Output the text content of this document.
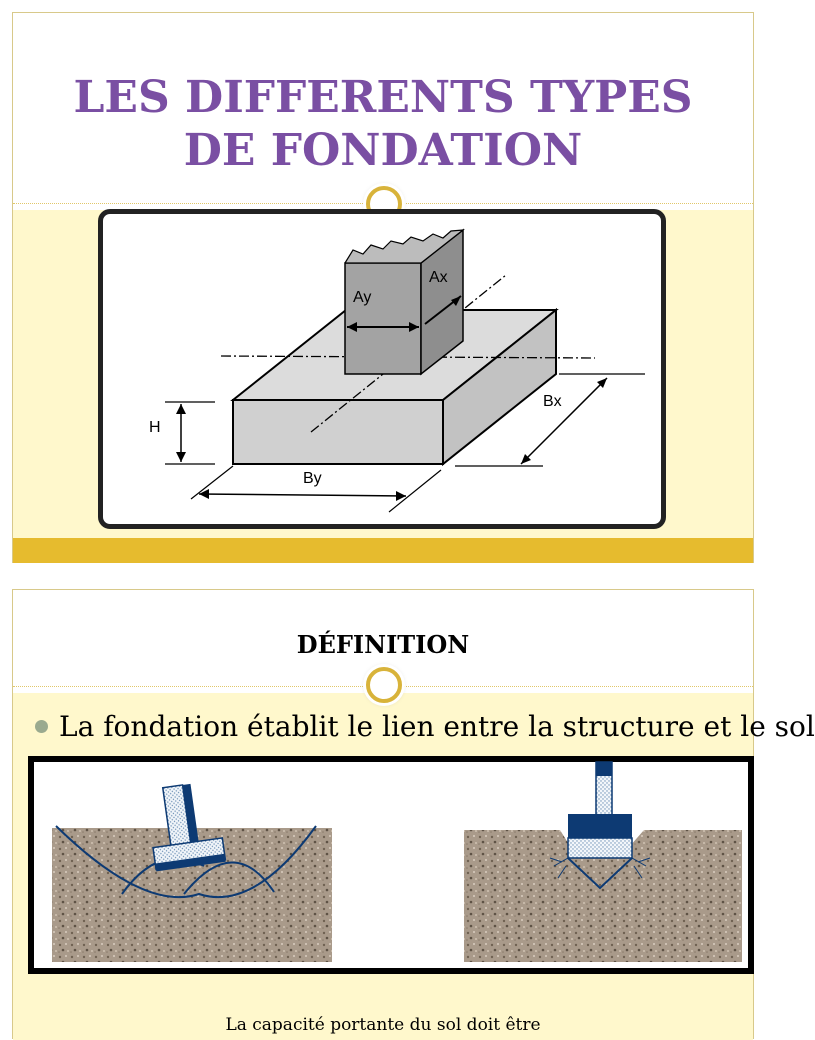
LES DIFFERENTS TYPES
DE FONDATION
Ay
Ax
H
By
Bx
DÉFINITION
La fondation établit le lien entre la structure et le sol
La capacité portante du sol doit être
